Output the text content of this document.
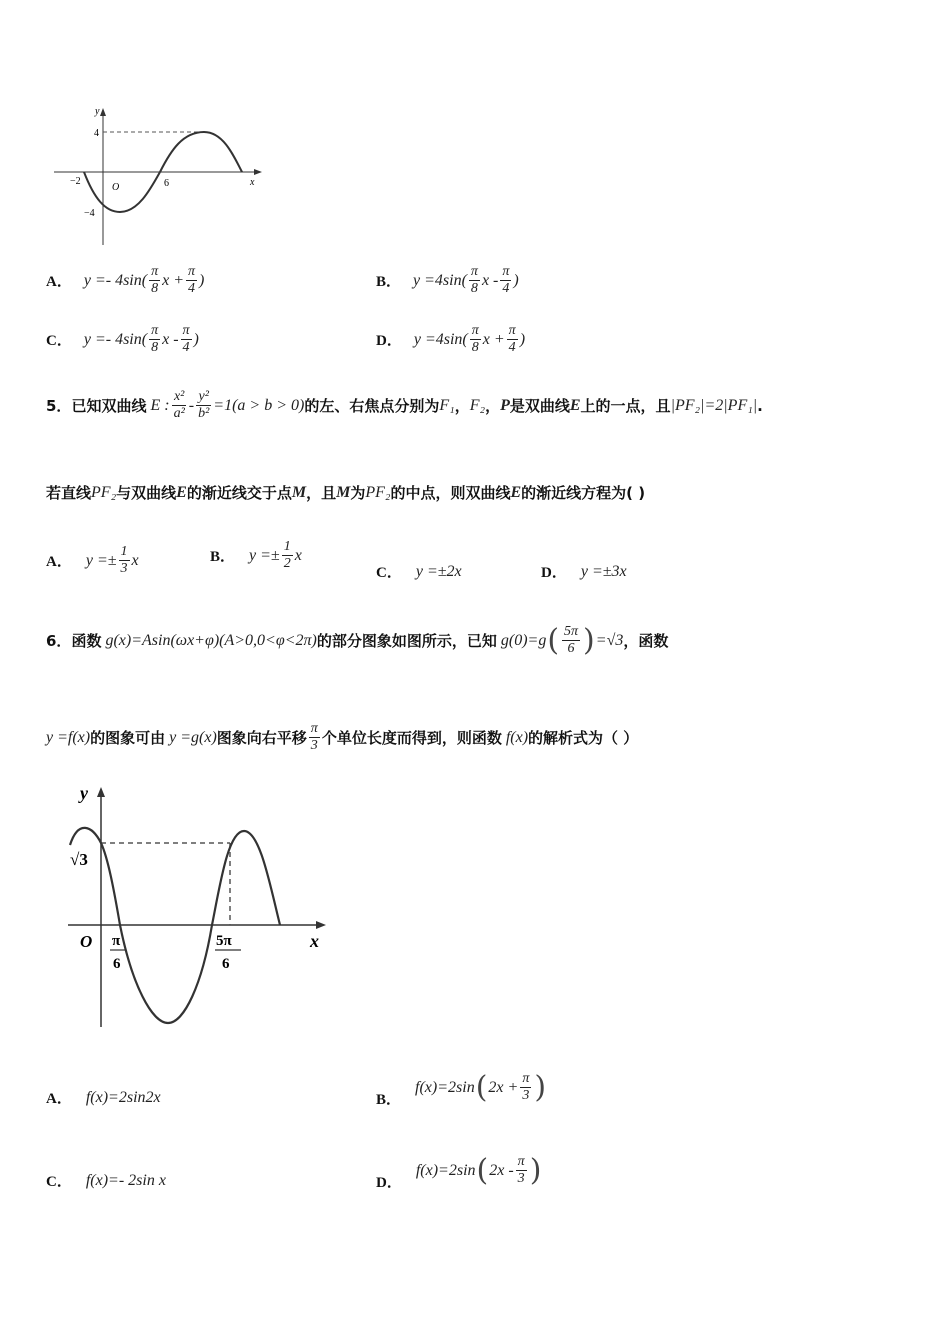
y
x
4
−4
−2
O	6
A． $y =- 4\sin( \frac{\pi}{8}$ $x + \frac{\pi}{4}$ )	B． $y =4\sin( \frac{\pi}{8}$ x - $\frac{\pi}{4}$ )
C． $y =- 4\sin( \frac{\pi}{8}$ x - $\frac{\pi}{4}$ )	D． $y =4\sin( \frac{\pi}{8}$ $x + \frac{\pi}{4}$ )
5． 已知双曲线 E : $\frac{\text{x²}}{\text{a²}} - \frac{\text{y²}}{\text{b²}} =1(a > b > 0)$ 的左、右焦点分别为 F₁ ， F₂ ， P 是双曲线 E 上的一点，且 |PF₂|=2|PF₁| .
若直线 PF₂ 与双曲线 E 的渐近线交于点 M ，且 M 为 PF₂ 的中点，则双曲线 E 的渐近线方程为( )
A． $y =\pm \frac{1}{3}$ x	B． $y =\pm \frac{1}{2}$ x
C． y =±2x	D． y =±3x
6． 函数 g(x)=Asin(ωx+φ)(A>0,0<φ<2π) 的部分图象如图所示，已知 g(0)=g ( $\frac{5\pi}{6}$ ) =√3 ，函数
y =f(x) 的图象可由 y =g(x) 图象向右平移 $\frac{\pi}{3}$ 个单位长度而得到，则函数 f(x) 的解析式为（ ）
y
x
√3
O π
6
5π
6
A． f(x)=2sin2x	B．
f(x)=2sin ( $2x + \frac{\pi}{3}$ )
C． f(x)=- 2sin x	D．
f(x)=2sin ( $2x - \frac{\pi}{3}$ )
